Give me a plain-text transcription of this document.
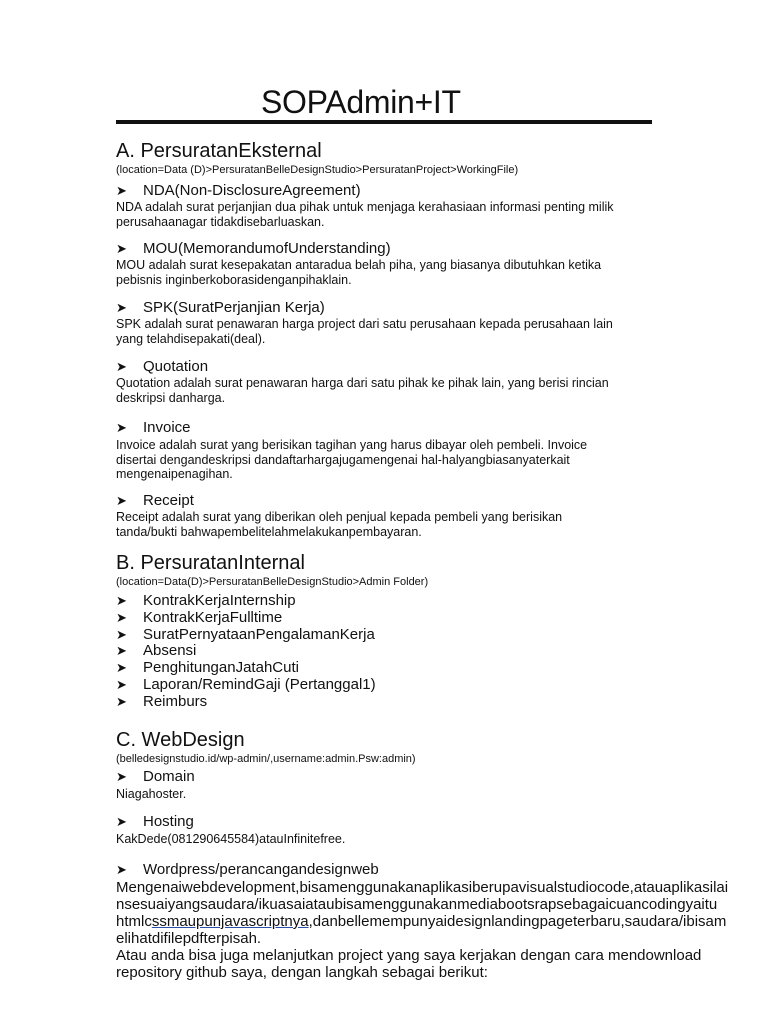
SOPAdmin+IT
A. PersuratanEksternal
(location=Data (D)>PersuratanBelleDesignStudio>PersuratanProject>WorkingFile)
➤	NDA(Non-DisclosureAgreement)
NDA adalah surat perjanjian dua pihak untuk menjaga kerahasiaan informasi penting milik
perusahaanagar tidakdisebarluaskan.
➤	MOU(MemorandumofUnderstanding)
MOU adalah surat kesepakatan antaradua belah piha, yang biasanya dibutuhkan ketika
pebisnis inginberkoborasidenganpihaklain.
➤	SPK(SuratPerjanjian Kerja)
SPK adalah surat penawaran harga project dari satu perusahaan kepada perusahaan lain
yang telahdisepakati(deal).
➤	Quotation
Quotation adalah surat penawaran harga dari satu pihak ke pihak lain, yang berisi rincian
deskripsi danharga.
➤	Invoice
Invoice adalah surat yang berisikan tagihan yang harus dibayar oleh pembeli. Invoice
disertai dengandeskripsi dandaftarhargajugamengenai hal-halyangbiasanyaterkait
mengenaipenagihan.
➤	Receipt
Receipt adalah surat yang diberikan oleh penjual kepada pembeli yang berisikan
tanda/bukti bahwapembelitelahmelakukanpembayaran.
B. PersuratanInternal
(location=Data(D)>PersuratanBelleDesignStudio>Admin Folder)
➤	KontrakKerjaInternship
➤	KontrakKerjaFulltime
➤	SuratPernyataanPengalamanKerja
➤	Absensi
➤	PenghitunganJatahCuti
➤	Laporan/RemindGaji (Pertanggal1)
➤	Reimburs
C. WebDesign
(belledesignstudio.id/wp-admin/,username:admin.Psw:admin)
➤	Domain
Niagahoster.
➤	Hosting
KakDede(081290645584)atauInfinitefree.
➤	Wordpress/perancangandesignweb
Mengenaiwebdevelopment,bisamenggunakanaplikasiberupavisualstudiocode,atauaplikasilai
nsesuaiyangsaudara/ikuasaiataubisamenggunakanmediabootsrapsebagaicuancodingyaitu
htmlcssmaupunjavascriptnya,danbellemempunyaidesignlandingpageterbaru,saudara/ibisam
elihatdifilepdfterpisah.
Atau anda bisa juga melanjutkan project yang saya kerjakan dengan cara mendownload
repository github saya, dengan langkah sebagai berikut:
